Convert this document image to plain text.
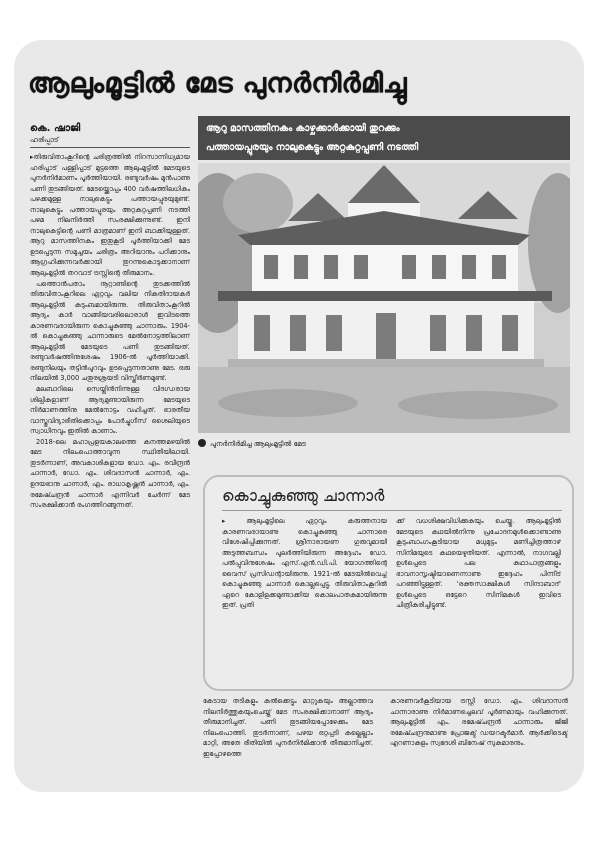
ആലുംമൂട്ടിൽ മേട പുനർനിർമിച്ചു
കെ. ഷാജി
ഹരിപ്പാട്
ആറു മാസത്തിനകം കാഴ്ചക്കാർക്കായി തുറക്കും
പത്തായപ്പുരയും നാലുകെട്ടും അറ്റകുറ്റപ്പണി നടത്തി

▸തിരുവിതാംകൂറിന്റെ ചരിത്രത്തിൽ നിറസാന്നിധ്യമായ ഹരിപ്പാട് പള്ളിപ്പാട് മുട്ടത്തെ ആലുംമൂട്ടിൽ മേടയുടെ പുനർനിർമാണം പൂർത്തിയായി. രണ്ടുവർഷം മുൻപാണു പണി തുടങ്ങിയത്. മേടയ്ക്കൊപ്പം 400 വർഷത്തിലധികം പഴക്കമുള്ള നാലുകെട്ടും പത്തായപ്പുരയുമുണ്ട്. നാലുകെട്ടും പത്തായപ്പുരയും അറ്റകുറ്റപ്പണി നടത്തി പഴമ നിലനിർത്തി സംരക്ഷിക്കുന്നുണ്ട്. ഇനി നാലുകെട്ടിന്റെ പണി മാത്രമാണ് ഇനി ബാക്കിയുള്ളത്. ആറു മാസത്തിനകം ഇതുകൂടി പൂർത്തിയാക്കി മേട ഉടപ്പെടുന്ന സമുച്ചയം ചരിത്രം അറിയാനും പഠിക്കാനും ആഗ്രഹിക്കുന്നവർക്കായി തുറന്നുകൊടുക്കാനാണ് ആലുംമൂട്ടിൽ തറവാട് ട്രസ്റ്റിന്റെ തീരുമാനം.

പത്തൊൻപതാം നൂറ്റാണ്ടിന്റെ തുടക്കത്തിൽ തിരുവിതാംകൂറിലെ ഏറ്റവും വലിയ നികുതിദായകർ ആലുംമൂട്ടിൽ കുടുംബമായിരുന്നു. തിരുവിതാംകൂറിൽ ആദ്യം കാർ വാങ്ങിയവരിലൊരാൾ ഇവിടത്തെ കാരണവരായിരുന്ന കൊച്ചുകുഞ്ഞു ചാന്നാരും. 1904-ൽ കൊച്ചുകുഞ്ഞു ചാന്നാരുടെ മേൽനോട്ടത്തിലാണ് ആലുംമൂട്ടിൽ മേടയുടെ പണി തുടങ്ങിയത്. രണ്ടുവർഷത്തിനുശേഷം 1906-ൽ പൂർത്തിയാക്കി. രണ്ടുനിലയും തട്ടിൻപുറവും ഉടപ്പെടുന്നതാണു മേട. ഒരു നിലയിൽ 3,000 ചതുരശ്രയടി വിസ്തീർണമുണ്ട്.

മലബാറിലെ സെയ്ലിൻനിന്നുള്ള വിദഗ്ധരായ ശില്പികളാണ് ആദ്യമുണ്ടായിരുന്ന മേടയുടെ നിർമാണത്തിനു മേൽനോട്ടം വഹിച്ചത്. ഭാരതീയ വാസ്തുവിദ്യാരീതിക്കൊപ്പം പോർച്ചുഗീസ് ശൈലിയുടെ സ്വാധീനവും ഇതിൽ കാണാം.

2018-ലെ മഹാപ്രളയകാലത്തെ കനത്തമഴയിൽ മേട നിലംപൊത്താവുന്ന സ്ഥിതിയിലായി. തുടർന്നാണ്, അവകാശികളായ ഡോ. എം. രവീന്ദ്രൻ ചാന്നാർ, ഡോ. എം. ശിവദാസൻ ചാന്നാർ, എം. ഉദയഭാനു ചാന്നാർ, എം. രാധാകൃഷ്ണൻ ചാന്നാർ, എം. രമേഷ്ചന്ദ്രൻ ചാന്നാർ എന്നിവർ ചേർന്ന് മേട സംരക്ഷിക്കാൻ രംഗത്തിറങ്ങുന്നത്.

പുനർനിർമിച്ച ആലുംമൂട്ടിൽ മേട
കൊച്ചുകുഞ്ഞു ചാന്നാർ
▸ ആലുംമൂട്ടിലെ ഏറ്റവും കരുത്തനായ കാരണവരായാണു കൊച്ചുകുഞ്ഞു ചാന്നാരെ വിശേഷിപ്പിക്കുന്നത്. ശ്രീനാരായണ ഗുരുവുമായി അടുത്തബന്ധം പുലർത്തിയിരുന്ന അദ്ദേഹം ഡോ. പൽപ്പുവിനുശേഷം എസ്.എൻ.ഡി.പി. യോഗത്തിന്റെ വൈസ് പ്രസിഡന്റായിരുന്നു. 1921-ൽ മേടയിൽവെച്ച് കൊച്ചുകുഞ്ഞു ചാന്നാർ കൊല്ലപ്പെട്ടു. തിരുവിതാംകൂറിൽ ഏറെ കോളിളക്കമുണ്ടാക്കിയ കൊലപാതകമായിരുന്നു ഇത്. പ്രതി
ക്ക് വധശിക്ഷവിധിക്കുകയും ചെയ്തു. ആലുംമൂട്ടിൽ മേടയുടെ കഥയിൽനിന്നു പ്രചോദനമുൾക്കൊണ്ടാണു കൂടുംബാംഗംകൂടിയായ മധുമുട്ടം മണിച്ചിത്രത്താഴ് സിനിമയുടെ കഥയെഴുതിയത്. എന്നാൽ, നാഗവല്ലി ഉൾപ്പെടെ പല കഥാപാത്രങ്ങളും ഭാവനാസൃഷ്ടിയാണെന്നാണു ഇദ്ദേഹം പിന്നീട് പറഞ്ഞിട്ടുള്ളത്. 'രക്തസാക്ഷികൾ സിന്ദാബാദ്' ഉൾപ്പെടെ ഒട്ടേറെ സിനിമകൾ ഇവിടെ ചിത്രീകരിച്ചിട്ടുണ്ട്.
കേടായ തടികളും കൽക്കെട്ടും മാറ്റുകയും അല്ലാത്തവ നിലനിർത്തുകയുംചെയ്ത് മേട സംരക്ഷിക്കാനാണ് ആദ്യം തീരുമാനിച്ചത്. പണി തുടങ്ങിയപ്പോഴേക്കും മേട നിലംപൊത്തി. തുടർന്നാണ്, പഴയ ഒറ്റപ്പടി കല്ലെല്ലാം മാറ്റി, അതേ രീതിയിൽ പുനർനിർമിക്കാൻ തീരുമാനിച്ചത്. ഇപ്പോഴത്തെ
കാരണവർകൂടിയായ ട്രസ്റ്റി ഡോ. എം. ശിവദാസൻ ചാന്നാരാണു നിർമാണച്ചെലവ് പൂർണമായും വഹിക്കുന്നത്. ആലുംമൂട്ടിൽ എം. രമേഷ്ചന്ദ്രൻ ചാന്നാരും ജിജി രമേഷ്ചന്ദ്രനുമാണു പ്രോജക്ട് ഡയറക്ടർമാർ. ആർക്കിടെക്ട് എറണാകുളം സ്വദേശി ബിനേഷ് സുകുമാരനും.
